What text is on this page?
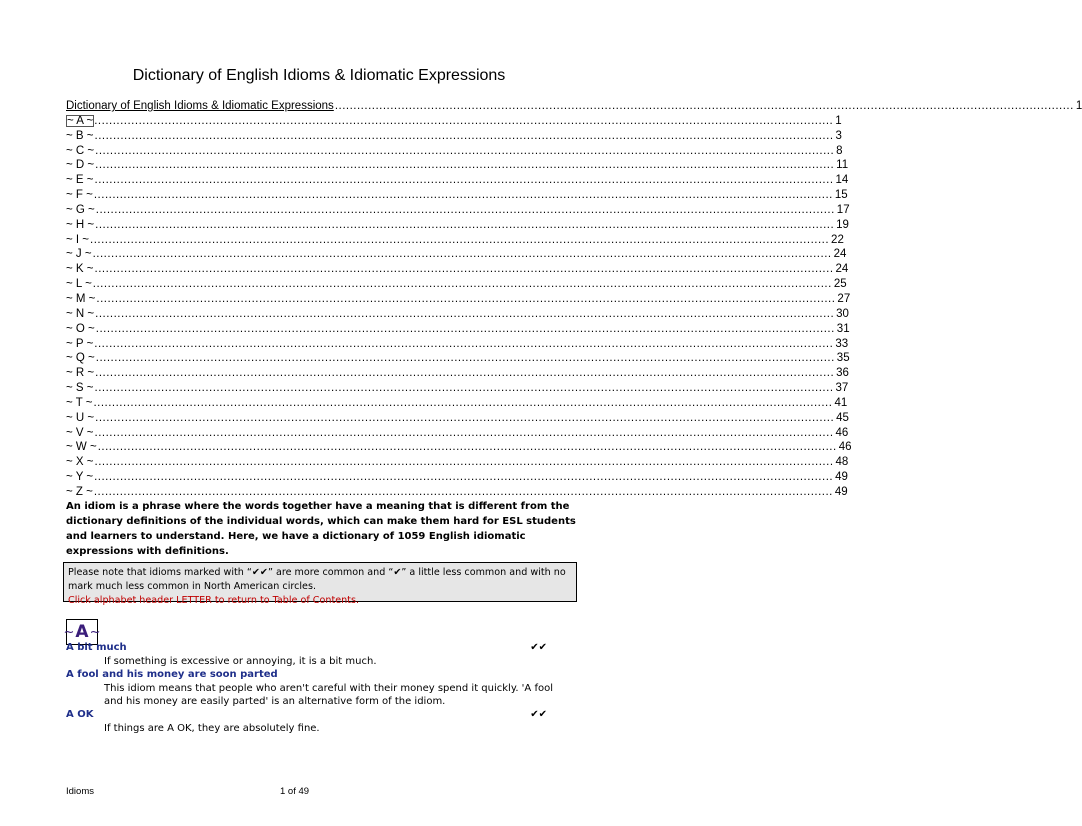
Dictionary of English Idioms & Idiomatic Expressions
Dictionary of English Idioms & Idiomatic Expressions ........................................................................................................................................................................................................ 1
~ A ~ ........................................................................................................................................................................................................ 1
~ B ~ ........................................................................................................................................................................................................ 3
~ C ~ ........................................................................................................................................................................................................ 8
~ D ~ ........................................................................................................................................................................................................ 11
~ E ~ ........................................................................................................................................................................................................ 14
~ F ~ ........................................................................................................................................................................................................ 15
~ G ~ ........................................................................................................................................................................................................ 17
~ H ~ ........................................................................................................................................................................................................ 19
~ I ~ ........................................................................................................................................................................................................ 22
~ J ~ ........................................................................................................................................................................................................ 24
~ K ~ ........................................................................................................................................................................................................ 24
~ L ~ ........................................................................................................................................................................................................ 25
~ M ~ ........................................................................................................................................................................................................ 27
~ N ~ ........................................................................................................................................................................................................ 30
~ O ~ ........................................................................................................................................................................................................ 31
~ P ~ ........................................................................................................................................................................................................ 33
~ Q ~ ........................................................................................................................................................................................................ 35
~ R ~ ........................................................................................................................................................................................................ 36
~ S ~ ........................................................................................................................................................................................................ 37
~ T ~ ........................................................................................................................................................................................................ 41
~ U ~ ........................................................................................................................................................................................................ 45
~ V ~ ........................................................................................................................................................................................................ 46
~ W ~ ........................................................................................................................................................................................................ 46
~ X ~ ........................................................................................................................................................................................................ 48
~ Y ~ ........................................................................................................................................................................................................ 49
~ Z ~ ........................................................................................................................................................................................................ 49
An idiom is a phrase where the words together have a meaning that is different from the dictionary definitions of the individual words, which can make them hard for ESL students and learners to understand. Here, we have a dictionary of 1059 English idiomatic expressions with definitions.
Please note that idioms marked with “✔✔” are more common and “✔” a little less common and with no mark much less common in North American circles.
Click alphabet header LETTER to return to Table of Contents.
~ A ~
A bit much	✔✔
If something is excessive or annoying, it is a bit much.
A fool and his money are soon parted
This idiom means that people who aren't careful with their money spend it quickly. 'A fool and his money are easily parted' is an alternative form of the idiom.
A OK	✔✔
If things are A OK, they are absolutely fine.
Idioms	1 of 49
